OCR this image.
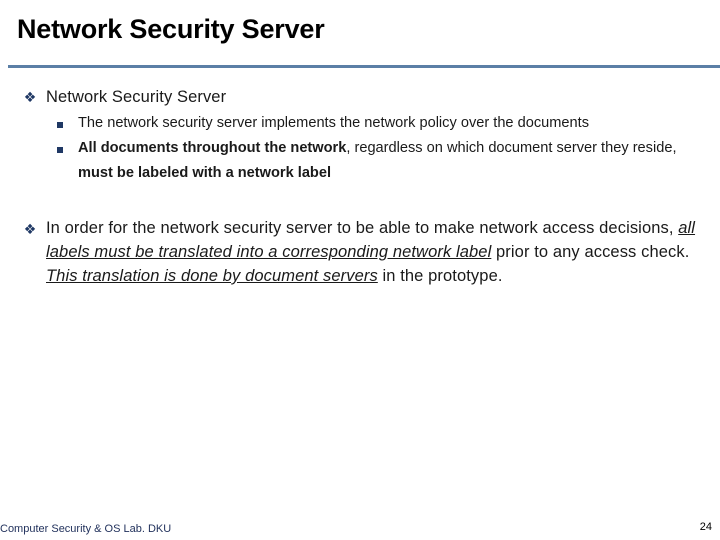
Network Security Server
❖ Network Security Server
The network security server implements the network policy over the documents
All documents throughout the network, regardless on which document server they reside, must be labeled with a network label
❖ In order for the network security server to be able to make network access decisions, all labels must be translated into a corresponding network label prior to any access check. This translation is done by document servers in the prototype.
Computer Security & OS Lab. DKU	24
